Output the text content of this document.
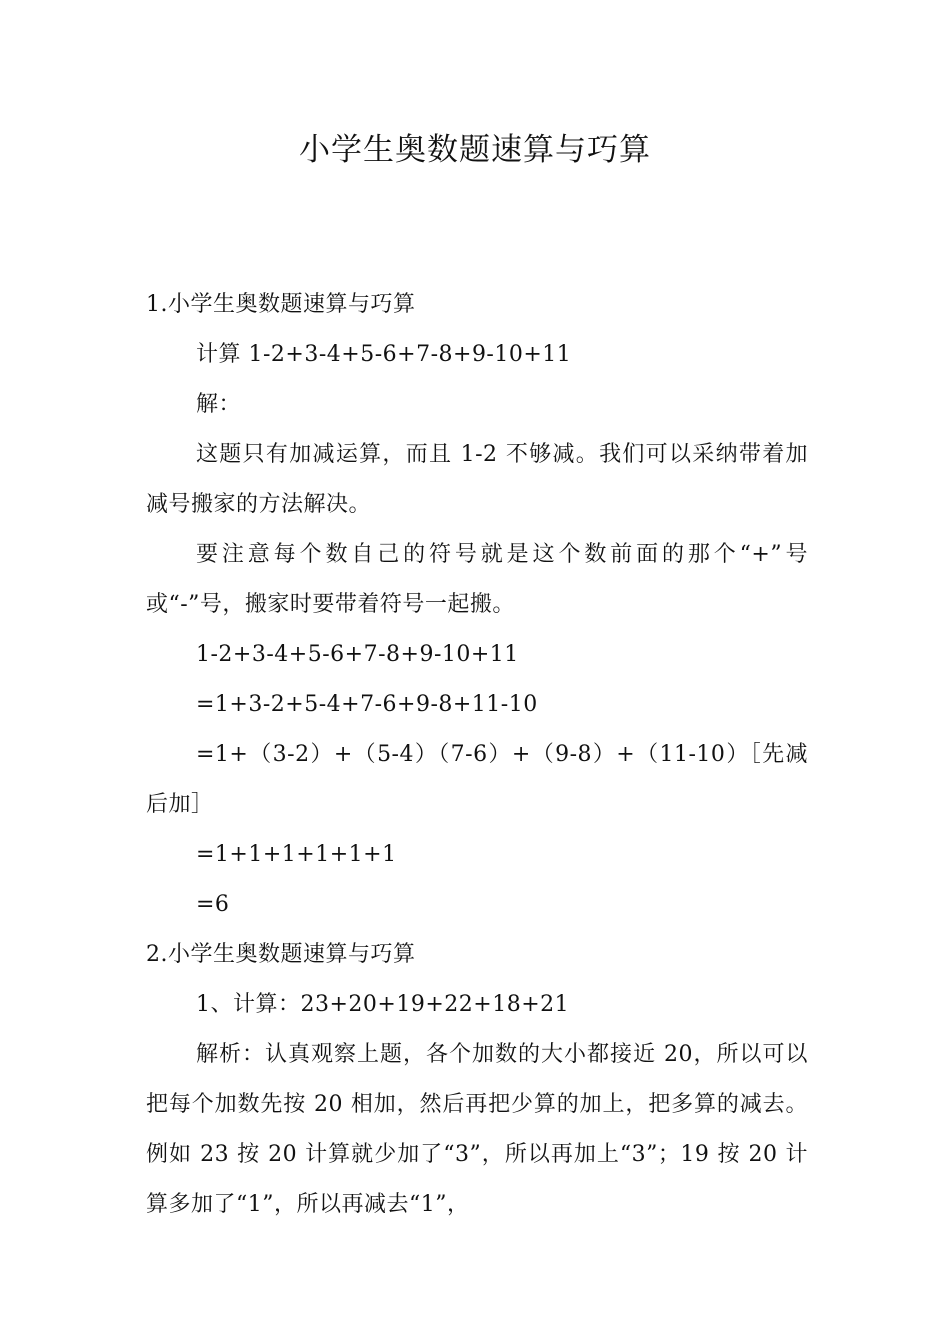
小学生奥数题速算与巧算

1.小学生奥数题速算与巧算

计算 1-2+3-4+5-6+7-8+9-10+11

解：

这题只有加减运算，而且 1-2 不够减。我们可以采纳带着加减号搬家的方法解决。

要注意每个数自己的符号就是这个数前面的那个“+”号或“-”号，搬家时要带着符号一起搬。

1-2+3-4+5-6+7-8+9-10+11

=1+3-2+5-4+7-6+9-8+11-10

=1+（3-2）+（5-4）（7-6）+（9-8）+（11-10）［先减后加］

=1+1+1+1+1+1

=6

2.小学生奥数题速算与巧算

1、计算：23+20+19+22+18+21

解析：认真观察上题，各个加数的大小都接近 20，所以可以把每个加数先按 20 相加，然后再把少算的加上，把多算的减去。例如 23 按 20 计算就少加了“3”，所以再加上“3”；19 按 20 计算多加了“1”，所以再减去“1”，
